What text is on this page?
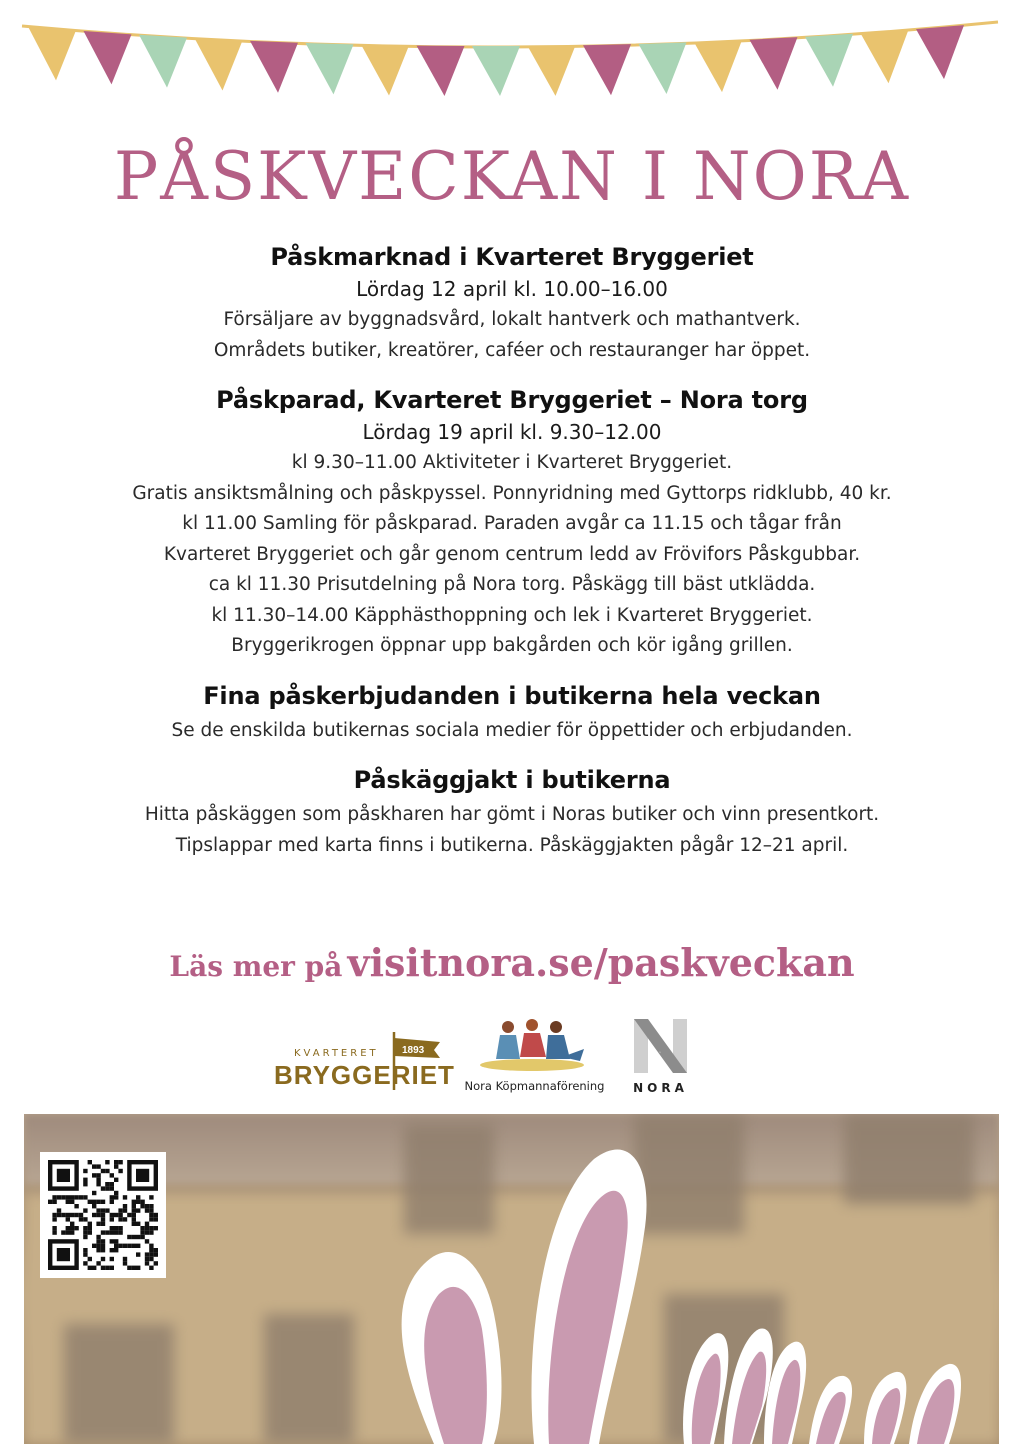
PÅSKVECKAN I NORA
Påskmarknad i Kvarteret Bryggeriet
Lördag 12 april kl. 10.00–16.00

Försäljare av byggnadsvård, lokalt hantverk och mathantverk.

Områdets butiker, kreatörer, caféer och restauranger har öppet.

Påskparad, Kvarteret Bryggeriet – Nora torg
Lördag 19 april kl. 9.30–12.00

kl 9.30–11.00 Aktiviteter i Kvarteret Bryggeriet.

Gratis ansiktsmålning och påskpyssel. Ponnyridning med Gyttorps ridklubb, 40 kr.

kl 11.00 Samling för påskparad. Paraden avgår ca 11.15 och tågar från

Kvarteret Bryggeriet och går genom centrum ledd av Frövifors Påskgubbar.

ca kl 11.30 Prisutdelning på Nora torg. Påskägg till bäst utklädda.

kl 11.30–14.00 Käpphästhoppning och lek i Kvarteret Bryggeriet.

Bryggerikrogen öppnar upp bakgården och kör igång grillen.

Fina påskerbjudanden i butikerna hela veckan

Se de enskilda butikernas sociala medier för öppettider och erbjudanden.

Påskäggjakt i butikerna

Hitta påskäggen som påskharen har gömt i Noras butiker och vinn presentkort.

Tipslappar med karta finns i butikerna. Påskäggjakten pågår 12–21 april.

Läs mer på visitnora.se/paskveckan
1893
KVARTERET
BRYGGERIET Nora Köpmannaförening
N
NORA
